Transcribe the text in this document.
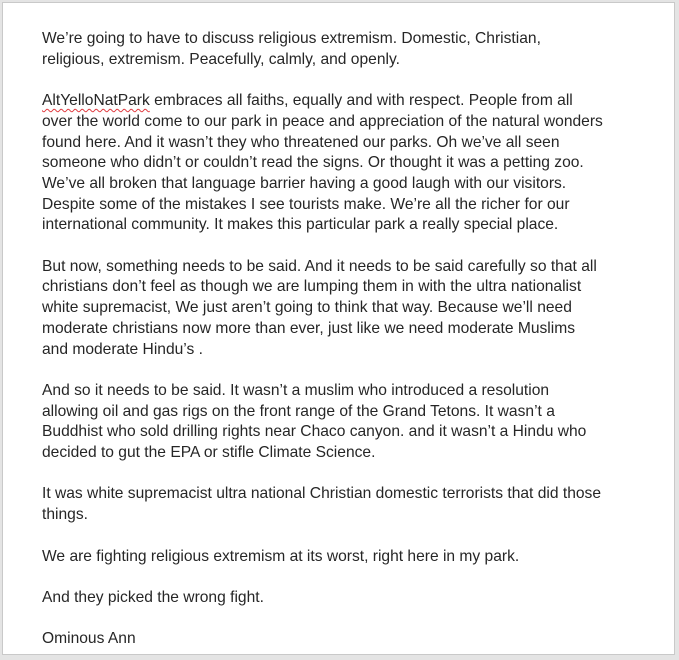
We’re going to have to discuss religious extremism. Domestic, Christian,
religious, extremism. Peacefully, calmly, and openly.

AltYelloNatPark embraces all faiths, equally and with respect. People from all
over the world come to our park in peace and appreciation of the natural wonders
found here. And it wasn’t they who threatened our parks. Oh we’ve all seen
someone who didn’t or couldn’t read the signs. Or thought it was a petting zoo.
We’ve all broken that language barrier having a good laugh with our visitors.
Despite some of the mistakes I see tourists make. We’re all the richer for our
international community. It makes this particular park a really special place.

But now, something needs to be said. And it needs to be said carefully so that all
christians don’t feel as though we are lumping them in with the ultra nationalist
white supremacist, We just aren’t going to think that way. Because we’ll need
moderate christians now more than ever, just like we need moderate Muslims
and moderate Hindu’s .

And so it needs to be said. It wasn’t a muslim who introduced a resolution
allowing oil and gas rigs on the front range of the Grand Tetons. It wasn’t a
Buddhist who sold drilling rights near Chaco canyon. and it wasn’t a Hindu who
decided to gut the EPA or stifle Climate Science.

It was white supremacist ultra national Christian domestic terrorists that did those
things.

We are fighting religious extremism at its worst, right here in my park.

And they picked the wrong fight.

Ominous Ann
